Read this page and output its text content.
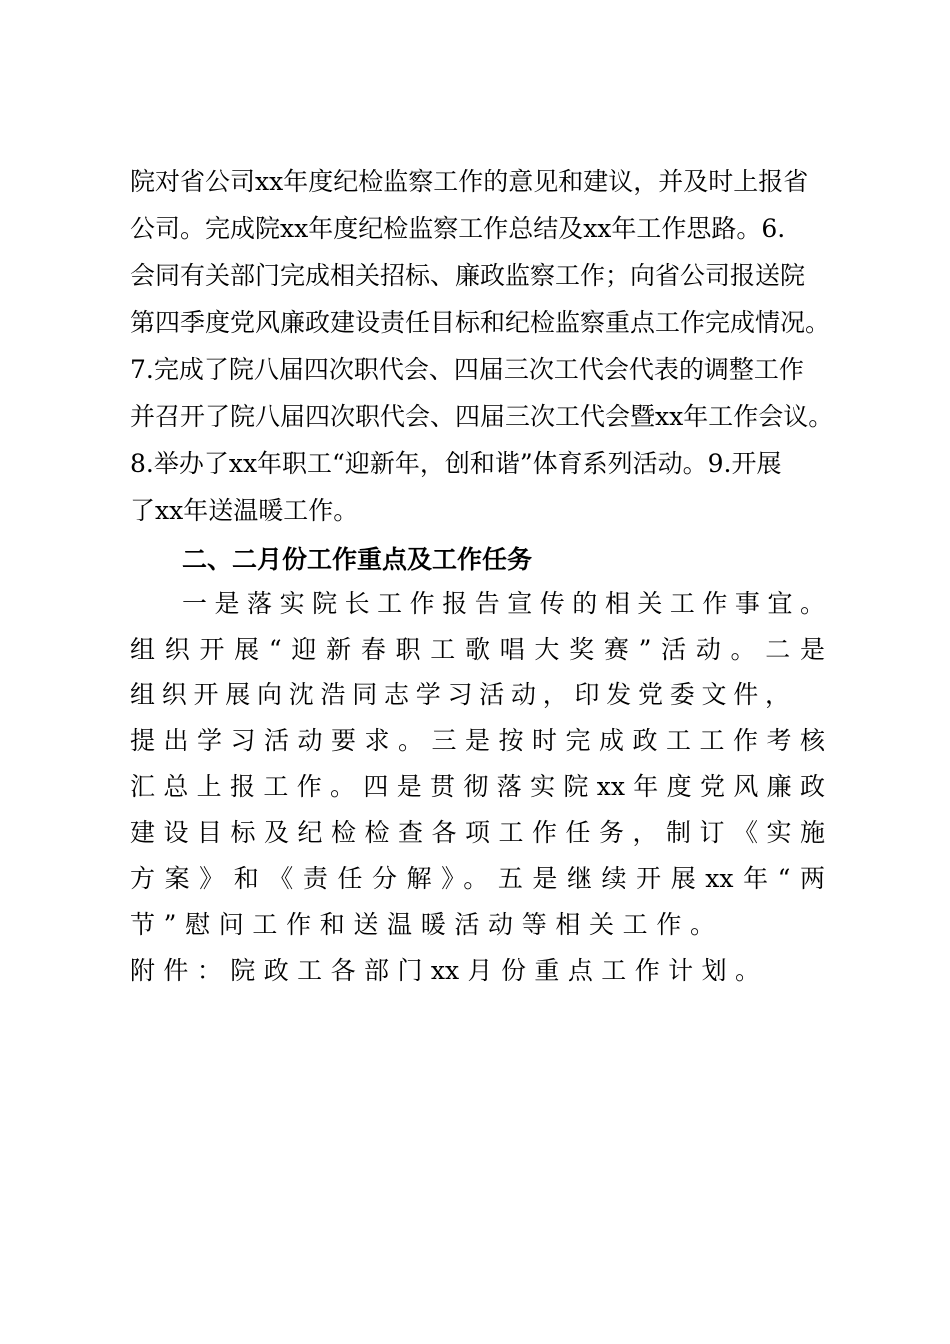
院对省公司xx年度纪检监察工作的意见和建议，并及时上报省

公司。完成院xx年度纪检监察工作总结及xx年工作思路。6.

会同有关部门完成相关招标、廉政监察工作；向省公司报送院

第四季度党风廉政建设责任目标和纪检监察重点工作完成情况。

7.完成了院八届四次职代会、四届三次工代会代表的调整工作

并召开了院八届四次职代会、四届三次工代会暨xx年工作会议。

8.举办了xx年职工“迎新年，创和谐”体育系列活动。9.开展

了xx年送温暖工作。

二、二月份工作重点及工作任务

一是落实院长工作报告宣传的相关工作事宜。

组织开展“迎新春职工歌唱大奖赛”活动。二是

组织开展向沈浩同志学习活动，印发党委文件，

提出学习活动要求。三是按时完成政工工作考核

汇总上报工作。四是贯彻落实院xx年度党风廉政

建设目标及纪检检查各项工作任务，制订《实施

方案》和《责任分解》。五是继续开展xx年“两

节”慰问工作和送温暖活动等相关工作。

附件：院政工各部门xx月份重点工作计划。
